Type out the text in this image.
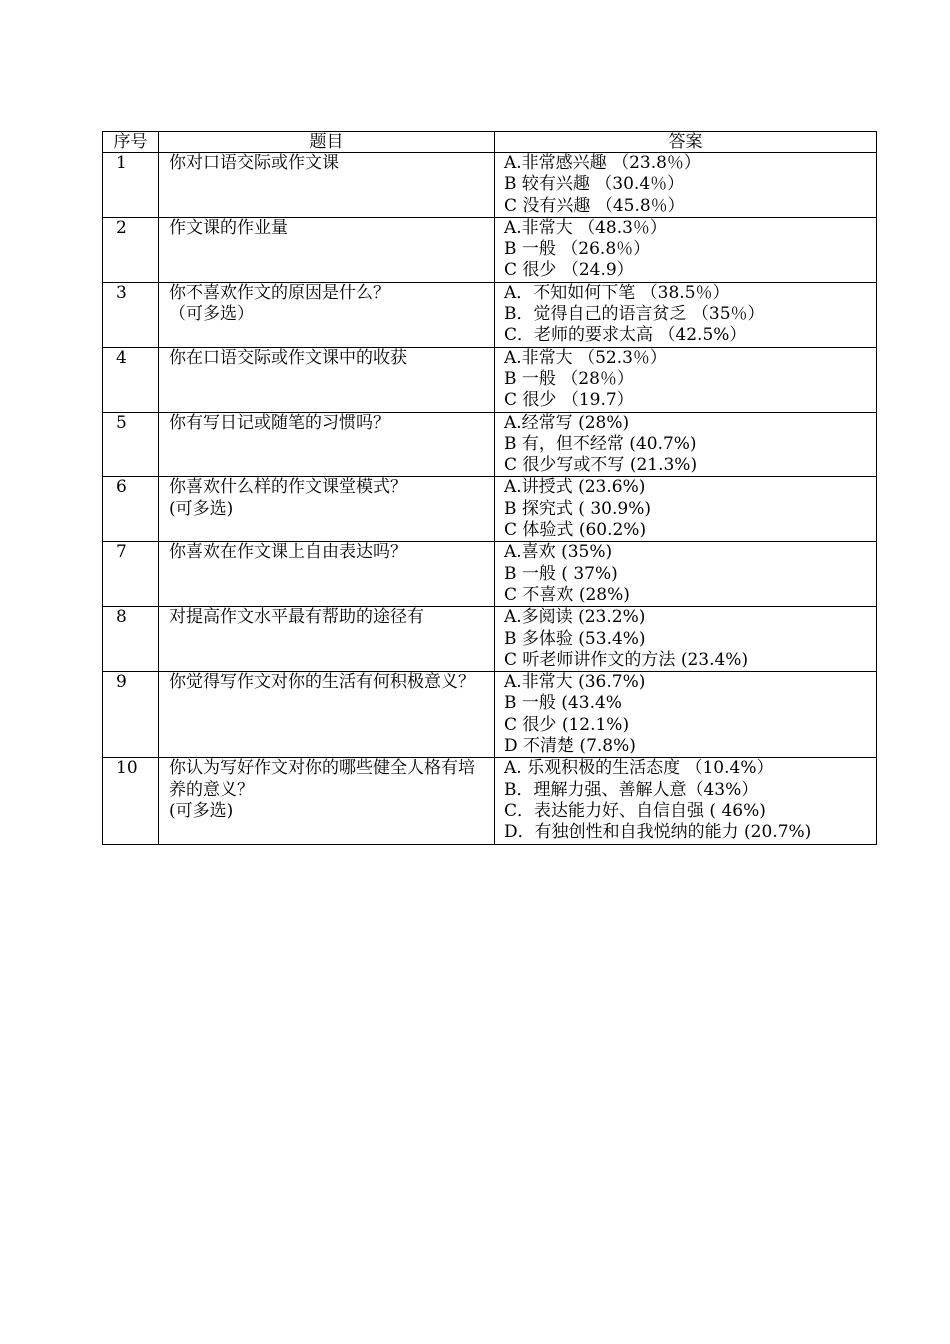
序号	题目	答案

1	你对口语交际或作文课	A.非常感兴趣 （23.8％）
B 较有兴趣 （30.4％）
C 没有兴趣 （45.8％）

2	作文课的作业量	A.非常大 （48.3％）
B 一般 （26.8％）
C 很少 （24.9）

3	你不喜欢作文的原因是什么？
（可多选）	A．不知如何下笔 （38.5％）
B．觉得自己的语言贫乏 （35％）
C．老师的要求太高 （42.5%）

4	你在口语交际或作文课中的收获	A.非常大 （52.3％）
B 一般 （28％）
C 很少 （19.7）

5	你有写日记或随笔的习惯吗？	A.经常写 (28%)
B 有，但不经常 (40.7%)
C 很少写或不写 (21.3%)

6	你喜欢什么样的作文课堂模式？
(可多选)	A.讲授式 (23.6%)
B 探究式 ( 30.9%)
C 体验式 (60.2%)

7	你喜欢在作文课上自由表达吗？	A.喜欢 (35%)
B 一般 ( 37%)
C 不喜欢 (28%)

8	对提高作文水平最有帮助的途径有	A.多阅读 (23.2%)
B 多体验 (53.4%)
C 听老师讲作文的方法 (23.4%)

9	你觉得写作文对你的生活有何积极意义？	A.非常大 (36.7%)
B 一般 (43.4%
C 很少 (12.1%)
D 不清楚 (7.8%)

10	你认为写好作文对你的哪些健全人格有培养的意义？
(可多选)	A. 乐观积极的生活态度 （10.4%）
B．理解力强、善解人意（43%）
C．表达能力好、自信自强 ( 46%)
D．有独创性和自我悦纳的能力 (20.7%)
